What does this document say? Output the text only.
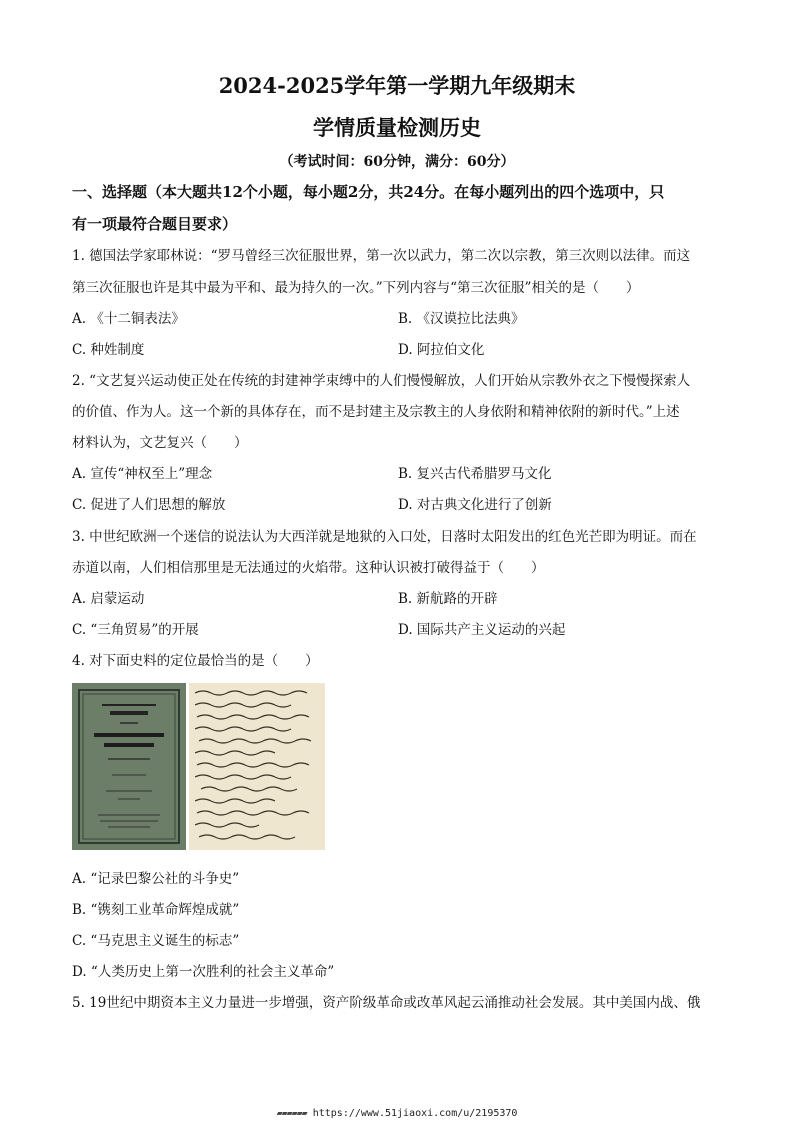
2024-2025学年第一学期九年级期末
学情质量检测历史
（考试时间：60分钟，满分：60分）
一、选择题（本大题共12个小题，每小题2分，共24分。在每小题列出的四个选项中，只
有一项最符合题目要求）
1. 德国法学家耶林说：“罗马曾经三次征服世界，第一次以武力，第二次以宗教，第三次则以法律。而这
第三次征服也许是其中最为平和、最为持久的一次。”下列内容与“第三次征服”相关的是（　　）
A. 《十二铜表法》	B. 《汉谟拉比法典》
C. 种姓制度	D. 阿拉伯文化
2. “文艺复兴运动使正处在传统的封建神学束缚中的人们慢慢解放，人们开始从宗教外衣之下慢慢探索人
的价值、作为人。这一个新的具体存在，而不是封建主及宗教主的人身依附和精神依附的新时代。”上述
材料认为，文艺复兴（　　）
A. 宣传“神权至上”理念	B. 复兴古代希腊罗马文化
C. 促进了人们思想的解放	D. 对古典文化进行了创新
3. 中世纪欧洲一个迷信的说法认为大西洋就是地狱的入口处，日落时太阳发出的红色光芒即为明证。而在
赤道以南，人们相信那里是无法通过的火焰带。这种认识被打破得益于（　　）
A. 启蒙运动	B. 新航路的开辟
C. “三角贸易”的开展	D. 国际共产主义运动的兴起
4. 对下面史料的定位最恰当的是（　　）
A. “记录巴黎公社的斗争史”
B. “镌刻工业革命辉煌成就”
C. “马克思主义诞生的标志”
D. “人类历史上第一次胜利的社会主义革命”
5. 19世纪中期资本主义力量进一步增强，资产阶级革命或改革风起云涌推动社会发展。其中美国内战、俄
▰▰▰▰▰▰ https://www.51jiaoxi.com/u/2195370
